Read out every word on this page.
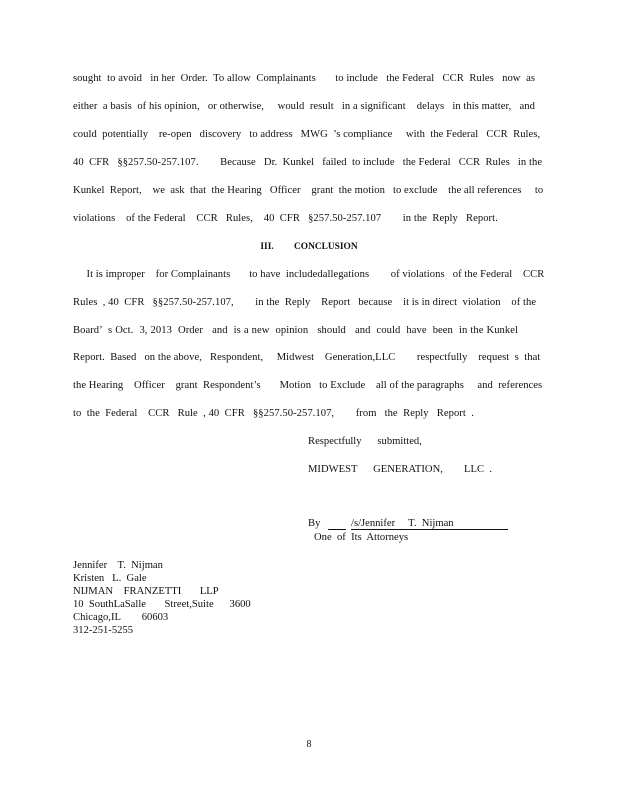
sought  to avoid   in her  Order.  To allow  Complainants       to include   the Federal   CCR  Rules   now  as
either  a basis  of his opinion,   or otherwise,     would  result   in a significant    delays   in this matter,   and
could  potentially    re-open   discovery   to address   MWG  ’s compliance     with  the Federal   CCR  Rules,
40  CFR   §§257.50-257.107.        Because   Dr.  Kunkel   failed  to include   the Federal   CCR  Rules   in the
Kunkel  Report,    we  ask  that  the Hearing   Officer    grant  the motion   to exclude    the all references     to
violations    of the Federal    CCR   Rules,    40  CFR   §257.50-257.107        in the  Reply   Report.
III. CONCLUSION
It is improper    for Complainants       to have  includedallegations        of violations   of the Federal    CCR
Rules  , 40  CFR   §§257.50-257.107,        in the  Reply    Report   because    it is in direct  violation    of the
Board’  s Oct.  3, 2013  Order   and  is a new  opinion   should   and  could  have  been  in the Kunkel
Report.  Based   on the above,   Respondent,     Midwest    Generation,LLC        respectfully    request  s  that
the Hearing    Officer    grant  Respondent’s       Motion   to Exclude    all of the paragraphs     and  references
to  the  Federal    CCR   Rule  , 40  CFR   §§257.50-257.107,        from   the  Reply   Report  .
Respectfully      submitted,
MIDWEST      GENERATION,        LLC  .
By	/s/Jennifer     T.  Nijman
One  of  Its  Attorneys
Jennifer    T.  Nijman
Kristen   L.  Gale
NIJMAN    FRANZETTI       LLP
10  SouthLaSalle       Street,Suite      3600
Chicago,IL        60603
312-251-5255
8
